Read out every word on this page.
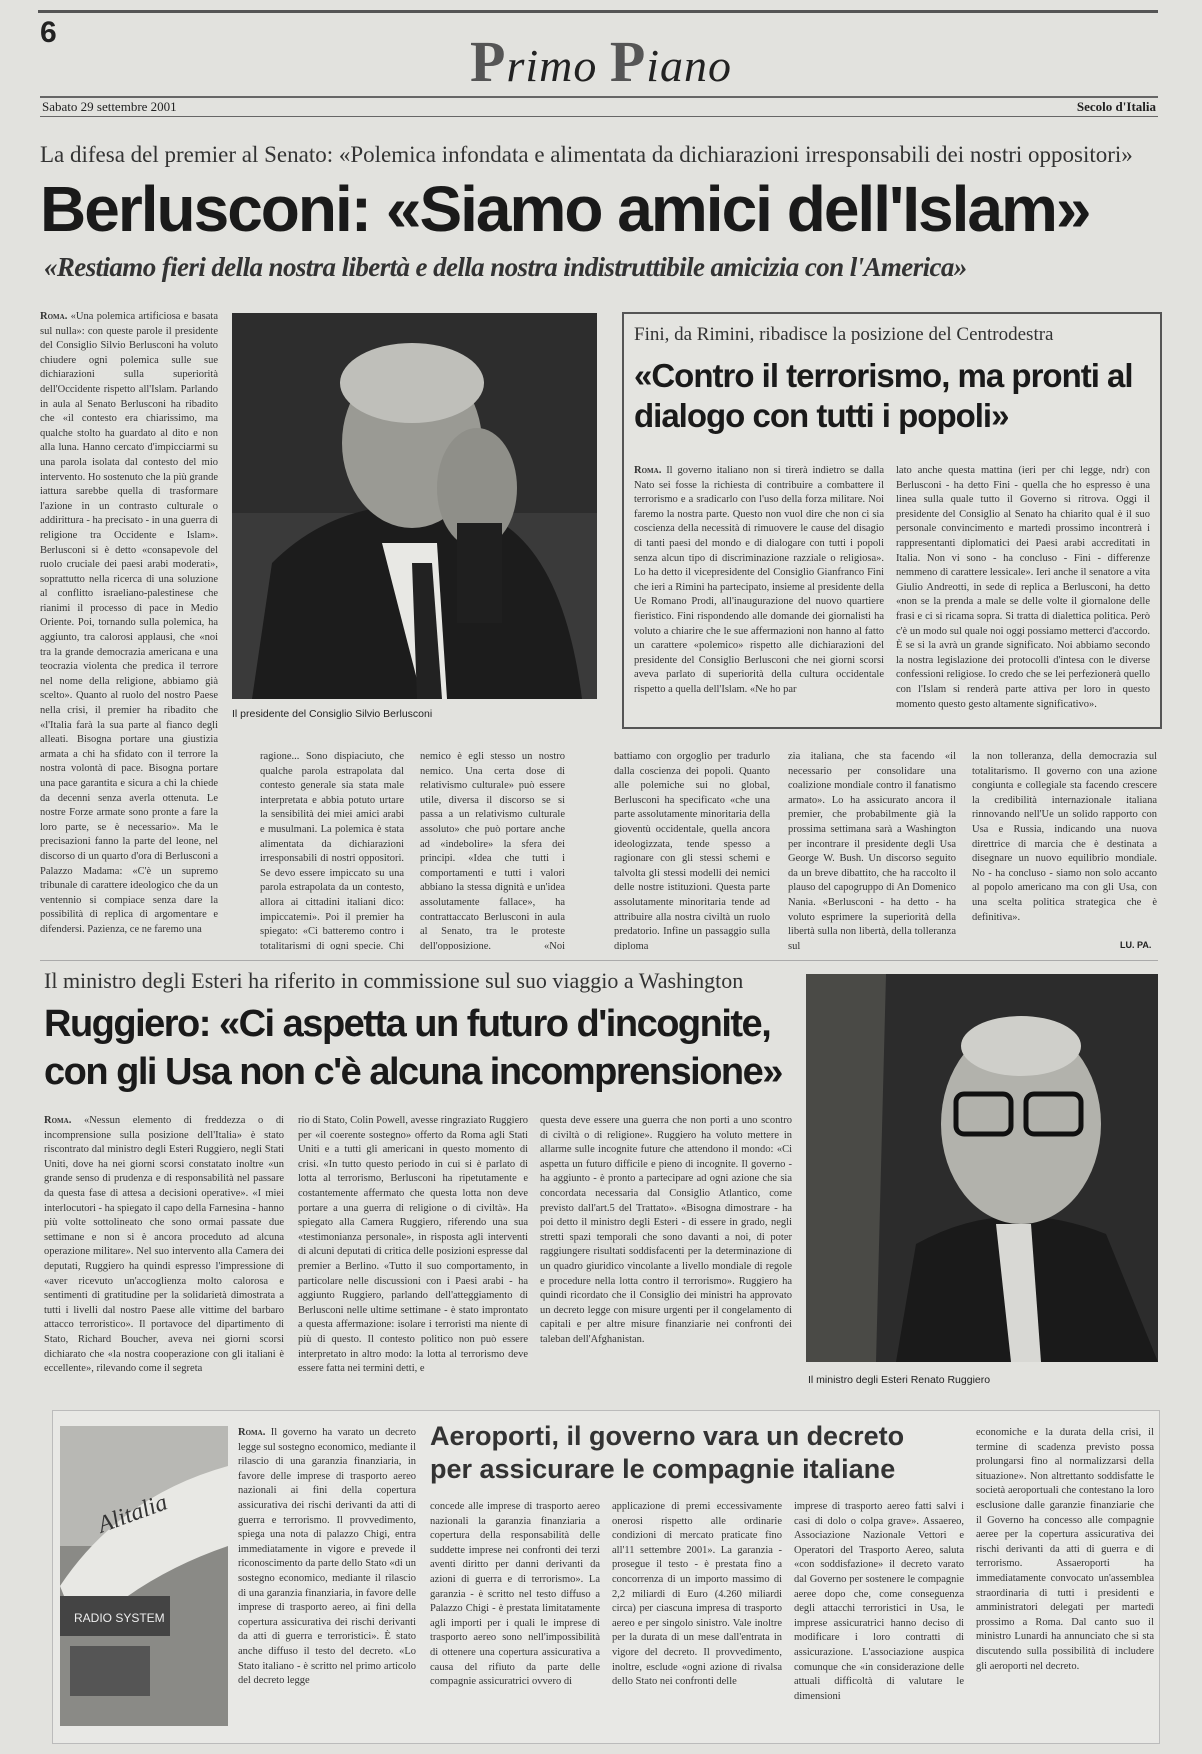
6	Primo Piano
Sabato 29 settembre 2001	Secolo d'Italia
La difesa del premier al Senato: «Polemica infondata e alimentata da dichiarazioni irresponsabili dei nostri oppositori»
Berlusconi: «Siamo amici dell'Islam»
«Restiamo fieri della nostra libertà e della nostra indistruttibile amicizia con l'America»
Roma. «Una polemica artificiosa e basata sul nulla»: con queste parole il presidente del Consiglio Silvio Berlusconi ha voluto chiudere ogni polemica sulle sue dichiarazioni sulla superiorità dell'Occidente rispetto all'Islam. Parlando in aula al Senato Berlusconi ha ribadito che «il contesto era chiarissimo, ma qualche stolto ha guardato al dito e non alla luna. Hanno cercato d'impicciarmi su una parola isolata dal contesto del mio intervento. Ho sostenuto che la più grande iattura sarebbe quella di trasformare l'azione in un contrasto culturale o addirittura - ha precisato - in una guerra di religione tra Occidente e Islam». Berlusconi si è detto «consapevole del ruolo cruciale dei paesi arabi moderati», soprattutto nella ricerca di una soluzione al conflitto israeliano-palestinese che rianimi il processo di pace in Medio Oriente. Poi, tornando sulla polemica, ha aggiunto, tra calorosi applausi, che «noi tra la grande democrazia americana e una teocrazia violenta che predica il terrore nel nome della religione, abbiamo già scelto». Quanto al ruolo del nostro Paese nella crisi, il premier ha ribadito che «l'Italia farà la sua parte al fianco degli alleati. Bisogna portare una giustizia armata a chi ha sfidato con il terrore la nostra volontà di pace. Bisogna portare una pace garantita e sicura a chi la chiede da decenni senza averla ottenuta. Le nostre Forze armate sono pronte a fare la loro parte, se è necessario». Ma le precisazioni fanno la parte del leone, nel discorso di un quarto d'ora di Berlusconi a Palazzo Madama: «C'è un supremo tribunale di carattere ideologico che da un ventennio si compiace senza dare la possibilità di replica di argomentare e difendersi. Pazienza, ce ne faremo una
Il presidente del Consiglio Silvio Berlusconi
ragione... Sono dispiaciuto, che qualche parola estrapolata dal contesto generale sia stata male interpretata e abbia potuto urtare la sensibilità dei miei amici arabi e musulmani. La polemica è stata alimentata da dichiarazioni irresponsabili di nostri oppositori. Se devo essere impiccato su una parola estrapolata da un contesto, allora ai cittadini italiani dico: impiccatemi». Poi il premier ha spiegato: «Ci batteremo contro i totalitarismi di ogni specie. Chi
nemico è egli stesso un nostro nemico. Una certa dose di relativismo culturale» può essere utile, diversa il discorso se si passa a un relativismo culturale assoluto» che può portare anche ad «indebolire» la sfera dei principi. «Idea che tutti i comportamenti e tutti i valori abbiano la stessa dignità e un'idea assolutamente fallace», ha contrattaccato Berlusconi in aula al Senato, tra le proteste dell'opposizione. «Noi
battiamo con orgoglio per tradurlo dalla coscienza dei popoli. Quanto alle polemiche sui no global, Berlusconi ha specificato «che una parte assolutamente minoritaria della gioventù occidentale, quella ancora ideologizzata, tende spesso a ragionare con gli stessi schemi e talvolta gli stessi modelli dei nemici delle nostre istituzioni. Questa parte assolutamente minoritaria tende ad attribuire alla nostra civiltà un ruolo predatorio. Infine un passaggio sulla diploma
zia italiana, che sta facendo «il necessario per consolidare una coalizione mondiale contro il fanatismo armato». Lo ha assicurato ancora il premier, che probabilmente già la prossima settimana sarà a Washington per incontrare il presidente degli Usa George W. Bush. Un discorso seguito da un breve dibattito, che ha raccolto il plauso del capogruppo di An Domenico Nania. «Berlusconi - ha detto - ha voluto esprimere la superiorità della libertà sulla non libertà, della tolleranza sul
la non tolleranza, della democrazia sul totalitarismo. Il governo con una azione congiunta e collegiale sta facendo crescere la credibilità internazionale italiana rinnovando nell'Ue un solido rapporto con Usa e Russia, indicando una nuova direttrice di marcia che è destinata a disegnare un nuovo equilibrio mondiale. No - ha concluso - siamo non solo accanto al popolo americano ma con gli Usa, con una scelta politica strategica che è definitiva».
LU. PA.
Fini, da Rimini, ribadisce la posizione del Centrodestra
«Contro il terrorismo, ma pronti al dialogo con tutti i popoli»
Roma. Il governo italiano non si tirerà indietro se dalla Nato sei fosse la richiesta di contribuire a combattere il terrorismo e a sradicarlo con l'uso della forza militare. Noi faremo la nostra parte. Questo non vuol dire che non ci sia coscienza della necessità di rimuovere le cause del disagio di tanti paesi del mondo e di dialogare con tutti i popoli senza alcun tipo di discriminazione razziale o religiosa». Lo ha detto il vicepresidente del Consiglio Gianfranco Fini che ieri a Rimini ha partecipato, insieme al presidente della Ue Romano Prodi, all'inaugurazione del nuovo quartiere fieristico. Fini rispondendo alle domande dei giornalisti ha voluto a chiarire che le sue affermazioni non hanno al fatto un carattere «polemico» rispetto alle dichiarazioni del presidente del Consiglio Berlusconi che nei giorni scorsi aveva parlato di superiorità della cultura occidentale rispetto a quella dell'Islam. «Ne ho par
lato anche questa mattina (ieri per chi legge, ndr) con Berlusconi - ha detto Fini - quella che ho espresso è una linea sulla quale tutto il Governo si ritrova. Oggi il presidente del Consiglio al Senato ha chiarito qual è il suo personale convincimento e martedì prossimo incontrerà i rappresentanti diplomatici dei Paesi arabi accreditati in Italia. Non vi sono - ha concluso - Fini - differenze nemmeno di carattere lessicale». Ieri anche il senatore a vita Giulio Andreotti, in sede di replica a Berlusconi, ha detto «non se la prenda a male se delle volte il giornalone delle frasi e ci si ricama sopra. Si tratta di dialettica politica. Però c'è un modo sul quale noi oggi possiamo metterci d'accordo. È se si la avrà un grande significato. Noi abbiamo secondo la nostra legislazione dei protocolli d'intesa con le diverse confessioni religiose. Io credo che se lei perfezionerà quello con l'Islam si renderà parte attiva per loro in questo momento questo gesto altamente significativo».
Il ministro degli Esteri ha riferito in commissione sul suo viaggio a Washington
Ruggiero: «Ci aspetta un futuro d'incognite,
con gli Usa non c'è alcuna incomprensione»
Roma. «Nessun elemento di freddezza o di incomprensione sulla posizione dell'Italia» è stato riscontrato dal ministro degli Esteri Ruggiero, negli Stati Uniti, dove ha nei giorni scorsi constatato inoltre «un grande senso di prudenza e di responsabilità nel passare da questa fase di attesa a decisioni operative». «I miei interlocutori - ha spiegato il capo della Farnesina - hanno più volte sottolineato che sono ormai passate due settimane e non si è ancora proceduto ad alcuna operazione militare». Nel suo intervento alla Camera dei deputati, Ruggiero ha quindi espresso l'impressione di «aver ricevuto un'accoglienza molto calorosa e sentimenti di gratitudine per la solidarietà dimostrata a tutti i livelli dal nostro Paese alle vittime del barbaro attacco terroristico». Il portavoce del dipartimento di Stato, Richard Boucher, aveva nei giorni scorsi dichiarato che «la nostra cooperazione con gli italiani è eccellente», rilevando come il segreta
rio di Stato, Colin Powell, avesse ringraziato Ruggiero per «il coerente sostegno» offerto da Roma agli Stati Uniti e a tutti gli americani in questo momento di crisi. «In tutto questo periodo in cui si è parlato di lotta al terrorismo, Berlusconi ha ripetutamente e costantemente affermato che questa lotta non deve portare a una guerra di religione o di civiltà». Ha spiegato alla Camera Ruggiero, riferendo una sua «testimonianza personale», in risposta agli interventi di alcuni deputati di critica delle posizioni espresse dal premier a Berlino. «Tutto il suo comportamento, in particolare nelle discussioni con i Paesi arabi - ha aggiunto Ruggiero, parlando dell'atteggiamento di Berlusconi nelle ultime settimane - è stato improntato a questa affermazione: isolare i terroristi ma niente di più di questo. Il contesto politico non può essere interpretato in altro modo: la lotta al terrorismo deve essere fatta nei termini detti, e
questa deve essere una guerra che non porti a uno scontro di civiltà o di religione». Ruggiero ha voluto mettere in allarme sulle incognite future che attendono il mondo: «Ci aspetta un futuro difficile e pieno di incognite. Il governo - ha aggiunto - è pronto a partecipare ad ogni azione che sia concordata necessaria dal Consiglio Atlantico, come previsto dall'art.5 del Trattato». «Bisogna dimostrare - ha poi detto il ministro degli Esteri - di essere in grado, negli stretti spazi temporali che sono davanti a noi, di poter raggiungere risultati soddisfacenti per la determinazione di un quadro giuridico vincolante a livello mondiale di regole e procedure nella lotta contro il terrorismo». Ruggiero ha quindi ricordato che il Consiglio dei ministri ha approvato un decreto legge con misure urgenti per il congelamento di capitali e per altre misure finanziarie nei confronti dei taleban dell'Afghanistan.
Il ministro degli Esteri Renato Ruggiero
Alitalia
RADIO SYSTEM
Roma. Il governo ha varato un decreto legge sul sostegno economico, mediante il rilascio di una garanzia finanziaria, in favore delle imprese di trasporto aereo nazionali ai fini della copertura assicurativa dei rischi derivanti da atti di guerra e terrorismo. Il provvedimento, spiega una nota di palazzo Chigi, entra immediatamente in vigore e prevede il riconoscimento da parte dello Stato «di un sostegno economico, mediante il rilascio di una garanzia finanziaria, in favore delle imprese di trasporto aereo, ai fini della copertura assicurativa dei rischi derivanti da atti di guerra e terroristici». È stato anche diffuso il testo del decreto. «Lo Stato italiano - è scritto nel primo articolo del decreto legge
Aeroporti, il governo vara un decreto per assicurare le compagnie italiane
concede alle imprese di trasporto aereo nazionali la garanzia finanziaria a copertura della responsabilità delle suddette imprese nei confronti dei terzi aventi diritto per danni derivanti da azioni di guerra e di terrorismo». La garanzia - è scritto nel testo diffuso a Palazzo Chigi - è prestata limitatamente agli importi per i quali le imprese di trasporto aereo sono nell'impossibilità di ottenere una copertura assicurativa a causa del rifiuto da parte delle compagnie assicuratrici ovvero di
applicazione di premi eccessivamente onerosi rispetto alle ordinarie condizioni di mercato praticate fino all'11 settembre 2001». La garanzia - prosegue il testo - è prestata fino a concorrenza di un importo massimo di 2,2 miliardi di Euro (4.260 miliardi circa) per ciascuna impresa di trasporto aereo e per singolo sinistro. Vale inoltre per la durata di un mese dall'entrata in vigore del decreto. Il provvedimento, inoltre, esclude «ogni azione di rivalsa dello Stato nei confronti delle
imprese di trasporto aereo fatti salvi i casi di dolo o colpa grave». Assaereo, Associazione Nazionale Vettori e Operatori del Trasporto Aereo, saluta «con soddisfazione» il decreto varato dal Governo per sostenere le compagnie aeree dopo che, come conseguenza degli attacchi terroristici in Usa, le imprese assicuratrici hanno deciso di modificare i loro contratti di assicurazione. L'associazione auspica comunque che «in considerazione delle attuali difficoltà di valutare le dimensioni
economiche e la durata della crisi, il termine di scadenza previsto possa prolungarsi fino al normalizzarsi della situazione». Non altrettanto soddisfatte le società aeroportuali che contestano la loro esclusione dalle garanzie finanziarie che il Governo ha concesso alle compagnie aeree per la copertura assicurativa dei rischi derivanti da atti di guerra e di terrorismo. Assaeroporti ha immediatamente convocato un'assemblea straordinaria di tutti i presidenti e amministratori delegati per martedì prossimo a Roma. Dal canto suo il ministro Lunardi ha annunciato che si sta discutendo sulla possibilità di includere gli aeroporti nel decreto.
